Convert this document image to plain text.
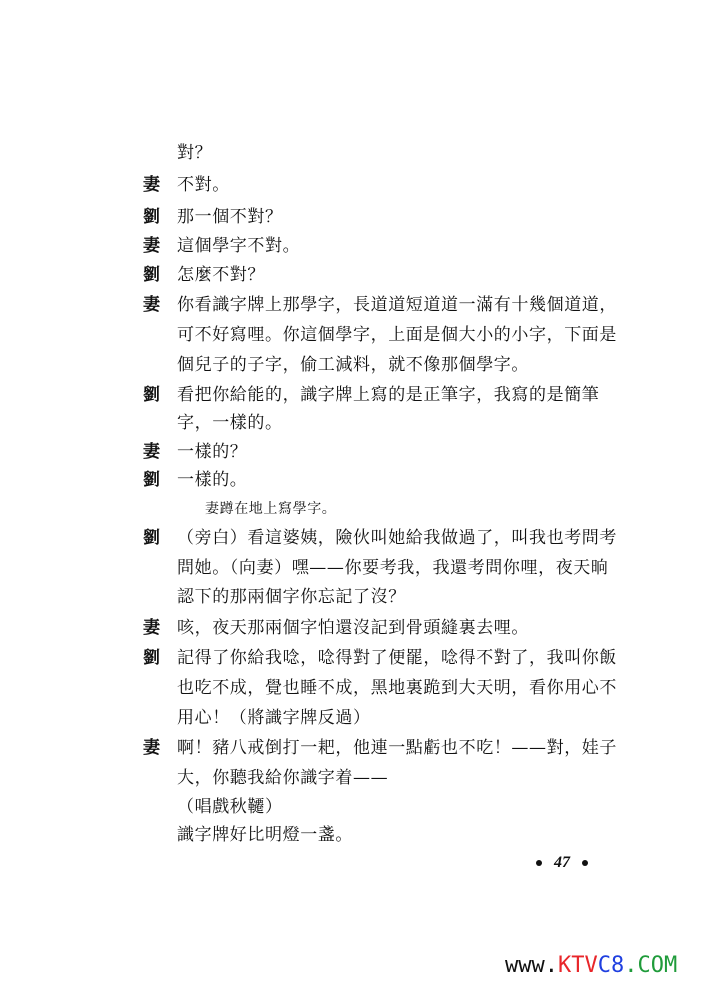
對？
妻 不對。
劉 那一個不對？
妻 這個學字不對。
劉 怎麼不對？
妻 你看識字牌上那學字，長道道短道道一滿有十幾個道道，
可不好寫哩。你這個學字，上面是個大小的小字，下面是
個兒子的子字，偷工減料，就不像那個學字。
劉 看把你給能的，識字牌上寫的是正筆字，我寫的是簡筆
字，一樣的。
妻 一樣的？
劉 一樣的。
妻蹲在地上寫學字。
劉 （旁白）看這婆姨，險伙叫她給我做過了，叫我也考問考
問她。（向妻）嘿——你要考我，我還考問你哩，夜天晌
認下的那兩個字你忘記了沒？
妻 咳，夜天那兩個字怕還沒記到骨頭縫裏去哩。
劉 記得了你給我唸，唸得對了便罷，唸得不對了，我叫你飯
也吃不成，覺也睡不成，黑地裏跪到大天明，看你用心不
用心！（將識字牌反過）
妻 啊！豬八戒倒打一耙，他連一點虧也不吃！——對，娃子
大，你聽我給你識字着——
（唱戲秋韆）
識字牌好比明燈一盞。
47
www.KTVC8.COM
